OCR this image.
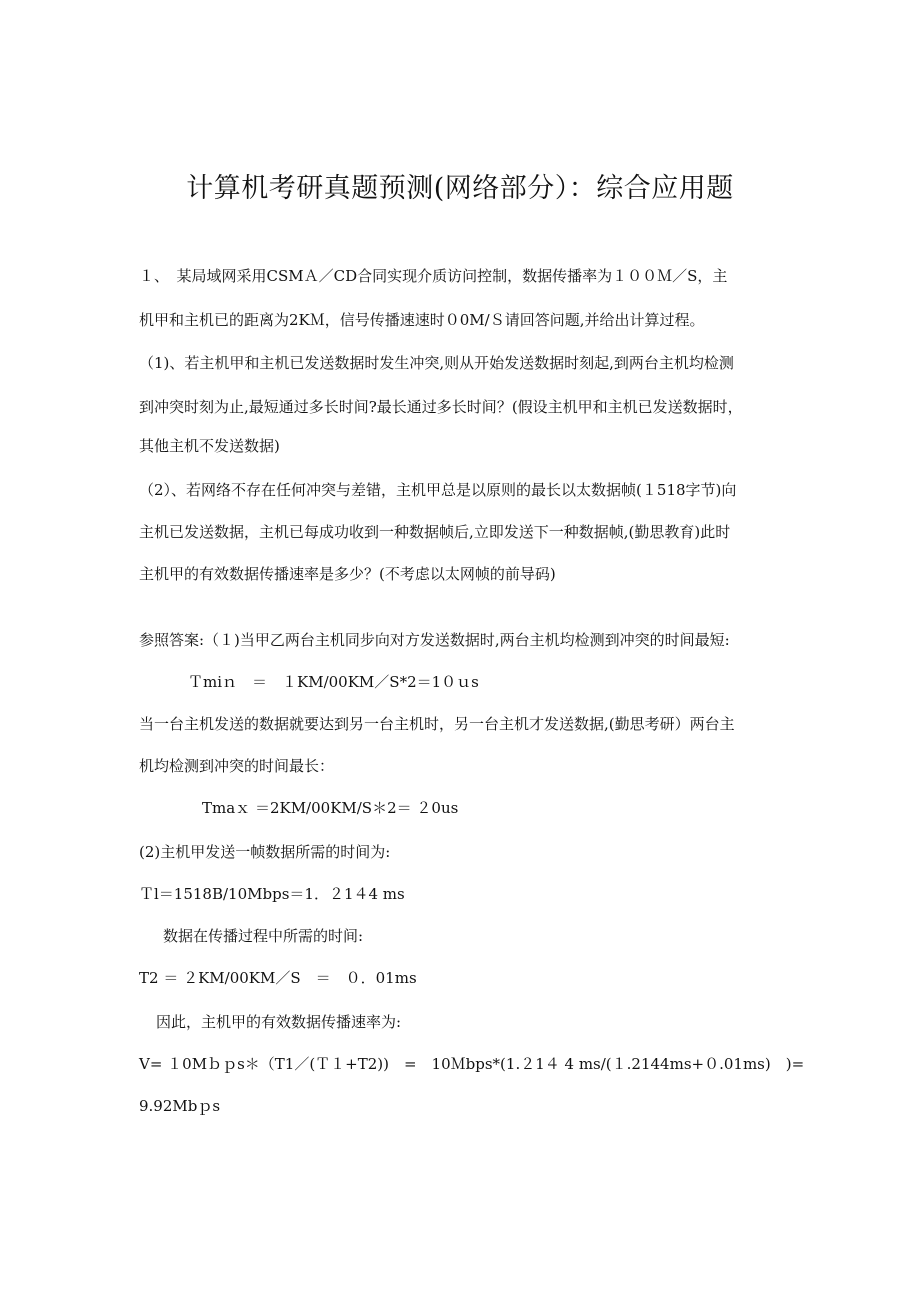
计算机考研真题预测(网络部分）：综合应用题
１、　某局域网采用CSMＡ／CD合同实现介质访问控制，数据传播率为１００Ｍ／S，主
机甲和主机已的距离为2KＭ，信号传播速速时０0M/Ｓ请回答问题,并给出计算过程。
（1)、若主机甲和主机已发送数据时发生冲突,则从开始发送数据时刻起,到两台主机均检测
到冲突时刻为止,最短通过多长时间?最长通过多长时间？(假设主机甲和主机已发送数据时，
其他主机不发送数据)
（2）、若网络不存在任何冲突与差错，主机甲总是以原则的最长以太数据帧(１518字节)向
主机已发送数据，主机已每成功收到一种数据帧后,立即发送下一种数据帧,(勤思教育)此时
主机甲的有效数据传播速率是多少？(不考虑以太网帧的前导码)
参照答案:（１)当甲乙两台主机同步向对方发送数据时,两台主机均检测到冲突的时间最短:
Ｔmiｎ　＝　１KM/00KM／S*2＝1０ｕs
当一台主机发送的数据就要达到另一台主机时，另一台主机才发送数据,(勤思考研）两台主
机均检测到冲突的时间最长：
Tmaｘ ＝2KM/00KM/S＊2＝ ２0us
(2)主机甲发送一帧数据所需的时间为:
Ｔl＝1518B/10Mbps＝1．２1４4 ms
数据在传播过程中所需的时间:
T2 ＝ ２KM/00KM／S　＝　０．01ms
因此，主机甲的有效数据传播速率为:
V= １0Mｂｐs＊（T1／(Ｔ１+T2))　=　10Ｍbps*(1.２1４ 4 ms/(１.2144ms+０.01ms)　)=
9.92Mbｐs
